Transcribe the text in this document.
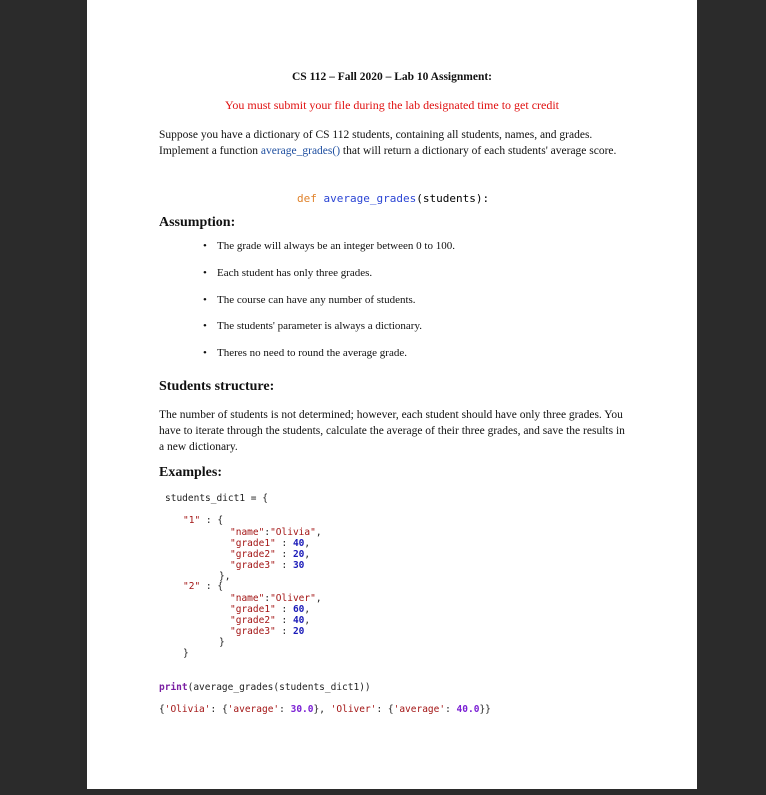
CS 112 – Fall 2020 – Lab 10 Assignment:
You must submit your file during the lab designated time to get credit
Suppose you have a dictionary of CS 112 students, containing all students, names, and grades. Implement a function average_grades() that will return a dictionary of each students' average score.
def average_grades(students):
Assumption:
• The grade will always be an integer between 0 to 100.
• Each student has only three grades.
• The course can have any number of students.
• The students' parameter is always a dictionary.
• Theres no need to round the average grade.
Students structure:
The number of students is not determined; however, each student should have only three grades. You have to iterate through the students, calculate the average of their three grades, and save the results in a new dictionary.
Examples:
students_dict1 = {
"1" : {
"name":"Olivia",
"grade1" : 40,
"grade2" : 20,
"grade3" : 30
},
"2" : {
"name":"Oliver",
"grade1" : 60,
"grade2" : 40,
"grade3" : 20
}
}
print(average_grades(students_dict1))
{'Olivia': {'average': 30.0}, 'Oliver': {'average': 40.0}}
